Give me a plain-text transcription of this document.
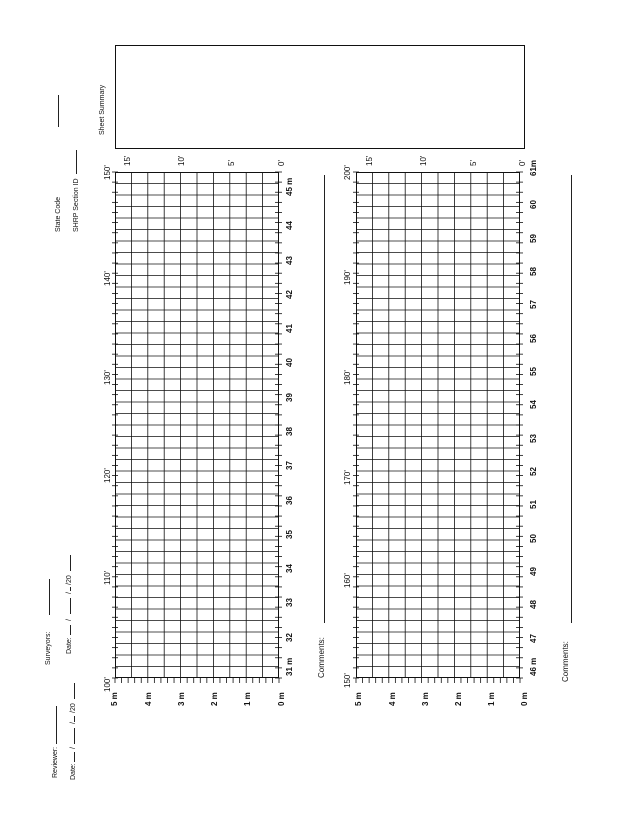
State Code SHRP Section ID
Sheet Summary
Reviewer: Date:
/
/
/20
Surveyors: Date:
/
/
/20
100'
110'
120'
130'
140'
150'
15'	10'	5'	0'
5 m	4 m	3 m	2 m	1 m	0 m
31 m
32
33
34
35
36
37
38
39
40
41
42
43
44
45 m
Comments:
150'
160'
170'
180'
190'
200'
15'	10'	5'	0'
5 m	4 m	3 m	2 m	1 m	0 m
46 m
47
48
49
50
51
52
53
54
55
56
57
58
59
60
61m
Comments:
